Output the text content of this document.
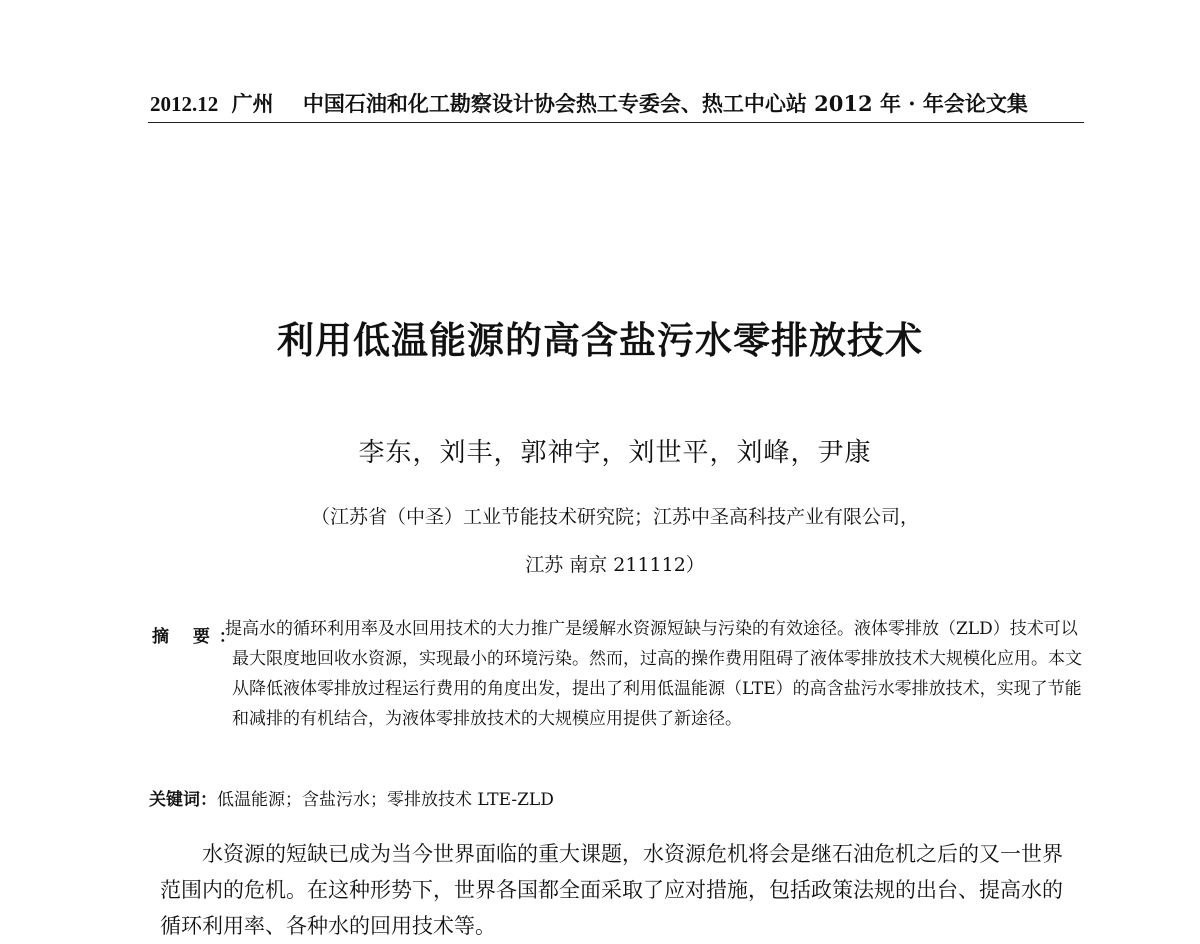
2012.12 广州 中国石油和化工勘察设计协会热工专委会、热工中心站 2012 年 · 年会论文集
利用低温能源的高含盐污水零排放技术
李东，刘丰，郭神宇，刘世平，刘峰，尹康
（江苏省（中圣）工业节能技术研究院；江苏中圣高科技产业有限公司，
江苏 南京 211112）
摘 要：
提高水的循环利用率及水回用技术的大力推广是缓解水资源短缺与污染的有效途径。液体零排放（ZLD）技术可以最大限度地回收水资源，实现最小的环境污染。然而，过高的操作费用阻碍了液体零排放技术大规模化应用。本文从降低液体零排放过程运行费用的角度出发，提出了利用低温能源（LTE）的高含盐污水零排放技术，实现了节能和减排的有机结合，为液体零排放技术的大规模应用提供了新途径。
关键词：低温能源；含盐污水；零排放技术 LTE-ZLD
水资源的短缺已成为当今世界面临的重大课题，水资源危机将会是继石油危机之后的又一世界范围内的危机。在这种形势下，世界各国都全面采取了应对措施，包括政策法规的出台、提高水的循环利用率、各种水的回用技术等。
